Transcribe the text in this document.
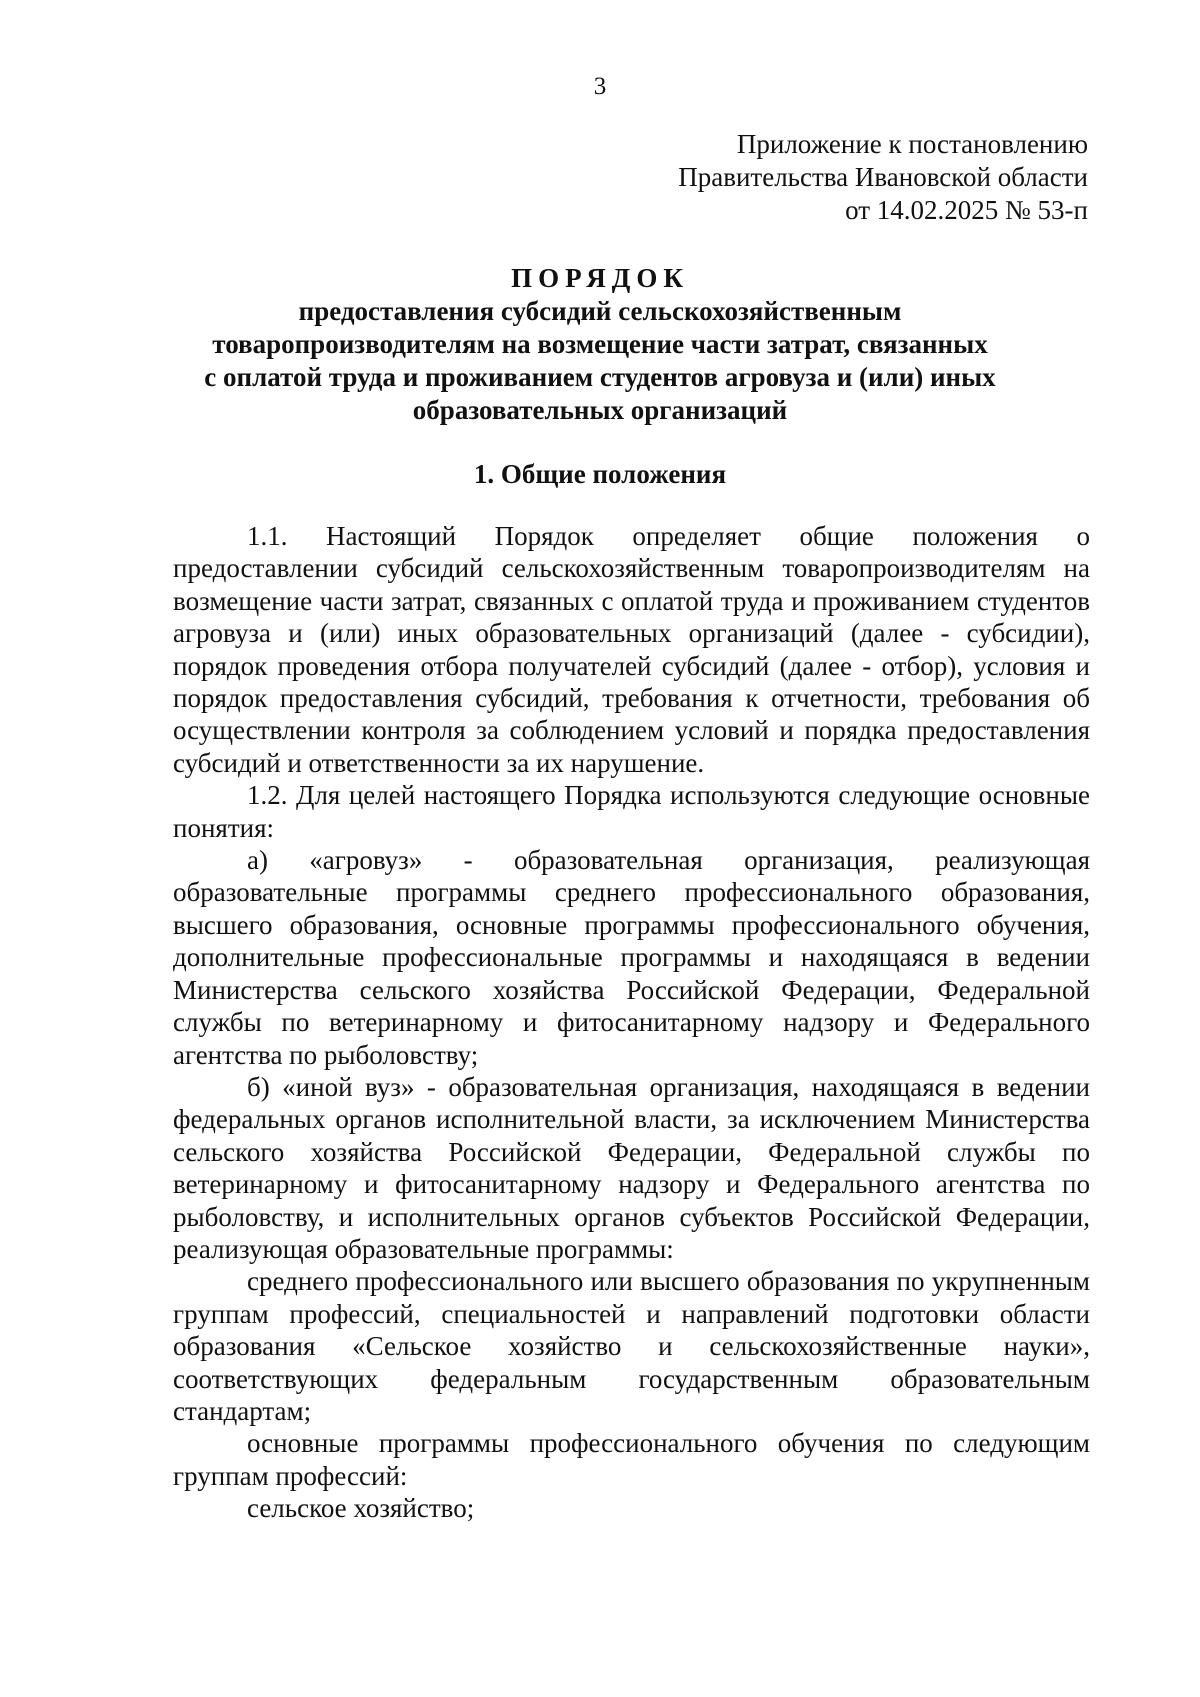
3
Приложение к постановлению
Правительства Ивановской области
от 14.02.2025 № 53-п
ПОРЯДОК
предоставления субсидий сельскохозяйственным
товаропроизводителям на возмещение части затрат, связанных
с оплатой труда и проживанием студентов агровуза и (или) иных
образовательных организаций
1. Общие положения

1.1. Настоящий Порядок определяет общие положения о предоставлении субсидий сельскохозяйственным товаропроизводителям на возмещение части затрат, связанных с оплатой труда и проживанием студентов агровуза и (или) иных образовательных организаций (далее - субсидии), порядок проведения отбора получателей субсидий (далее - отбор), условия и порядок предоставления субсидий, требования к отчетности, требования об осуществлении контроля за соблюдением условий и порядка предоставления субсидий и ответственности за их нарушение.

1.2. Для целей настоящего Порядка используются следующие основные понятия:

а) «агровуз» - образовательная организация, реализующая образовательные программы среднего профессионального образования, высшего образования, основные программы профессионального обучения, дополнительные профессиональные программы и находящаяся в ведении Министерства сельского хозяйства Российской Федерации, Федеральной службы по ветеринарному и фитосанитарному надзору и Федерального агентства по рыболовству;

б) «иной вуз» - образовательная организация, находящаяся в ведении федеральных органов исполнительной власти, за исключением Министерства сельского хозяйства Российской Федерации, Федеральной службы по ветеринарному и фитосанитарному надзору и Федерального агентства по рыболовству, и исполнительных органов субъектов Российской Федерации, реализующая образовательные программы:

среднего профессионального или высшего образования по укрупненным группам профессий, специальностей и направлений подготовки области образования «Сельское хозяйство и сельскохозяйственные науки», соответствующих федеральным государственным образовательным стандартам;

основные программы профессионального обучения по следующим группам профессий:

сельское хозяйство;
